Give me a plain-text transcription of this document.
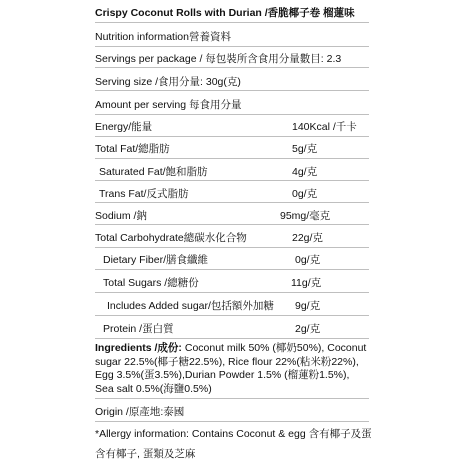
Crispy Coconut Rolls with Durian /香脆椰子卷 榴蓮味
Nutrition information營養資料
Servings per package / 每包裝所含食用分量數目: 2.3
Serving size /食用分量: 30g(克)
Amount per serving 每食用分量
Energy/能量	140Kcal /千卡
Total Fat/總脂肪	5g/克
Saturated Fat/飽和脂肪	4g/克
Trans Fat/反式脂肪	0g/克
Sodium /鈉	95mg/毫克
Total Carbohydrate總碳水化合物	22g/克
Dietary Fiber/膳食纖維	0g/克
Total Sugars /總糖份	11g/克
Includes Added sugar/包括額外加糖 9g/克
Protein /蛋白質	2g/克
Ingredients /成份: Coconut milk 50% (椰奶50%), Coconut sugar 22.5%(椰子糖22.5%), Rice flour 22%(粘米粉22%), Egg 3.5%(蛋3.5%),Durian Powder 1.5% (榴蓮粉1.5%), Sea salt 0.5%(海鹽0.5%)
Origin /原產地:泰國
*Allergy information: Contains Coconut & egg 含有椰子及蛋
含有椰子, 蛋類及芝麻
